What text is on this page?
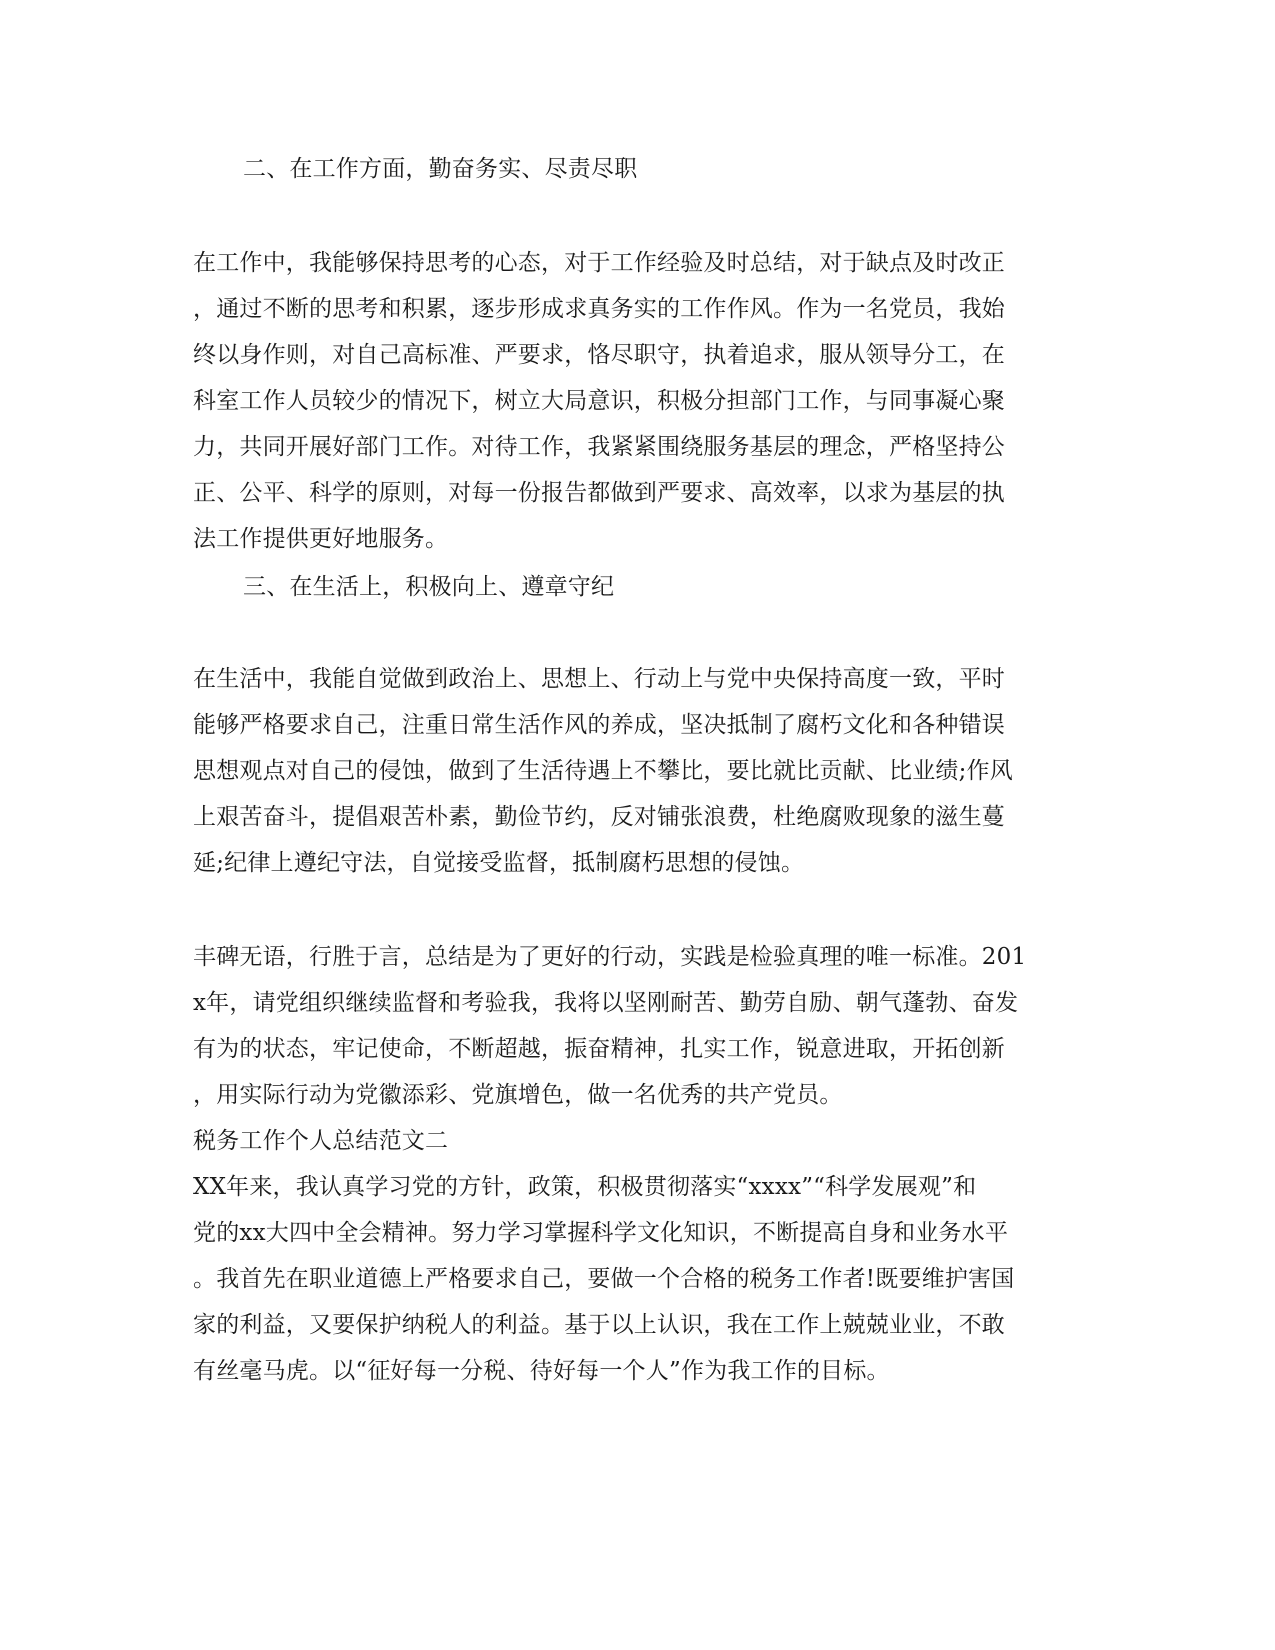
二、在工作方面，勤奋务实、尽责尽职
在工作中，我能够保持思考的心态，对于工作经验及时总结，对于缺点及时改正
，通过不断的思考和积累，逐步形成求真务实的工作作风。作为一名党员，我始
终以身作则，对自己高标准、严要求，恪尽职守，执着追求，服从领导分工，在
科室工作人员较少的情况下，树立大局意识，积极分担部门工作，与同事凝心聚
力，共同开展好部门工作。对待工作，我紧紧围绕服务基层的理念，严格坚持公
正、公平、科学的原则，对每一份报告都做到严要求、高效率，以求为基层的执
法工作提供更好地服务。
三、在生活上，积极向上、遵章守纪
在生活中，我能自觉做到政治上、思想上、行动上与党中央保持高度一致，平时
能够严格要求自己，注重日常生活作风的养成，坚决抵制了腐朽文化和各种错误
思想观点对自己的侵蚀，做到了生活待遇上不攀比，要比就比贡献、比业绩;作风
上艰苦奋斗，提倡艰苦朴素，勤俭节约，反对铺张浪费，杜绝腐败现象的滋生蔓
延;纪律上遵纪守法，自觉接受监督，抵制腐朽思想的侵蚀。
丰碑无语，行胜于言，总结是为了更好的行动，实践是检验真理的唯一标准。201
x年，请党组织继续监督和考验我，我将以坚刚耐苦、勤劳自励、朝气蓬勃、奋发
有为的状态，牢记使命，不断超越，振奋精神，扎实工作，锐意进取，开拓创新
，用实际行动为党徽添彩、党旗增色，做一名优秀的共产党员。
税务工作个人总结范文二
XX年来，我认真学习党的方针，政策，积极贯彻落实“xxxx”“科学发展观”和
党的xx大四中全会精神。努力学习掌握科学文化知识，不断提高自身和业务水平
。我首先在职业道德上严格要求自己，要做一个合格的税务工作者!既要维护害国
家的利益，又要保护纳税人的利益。基于以上认识，我在工作上兢兢业业，不敢
有丝毫马虎。以“征好每一分税、待好每一个人”作为我工作的目标。
